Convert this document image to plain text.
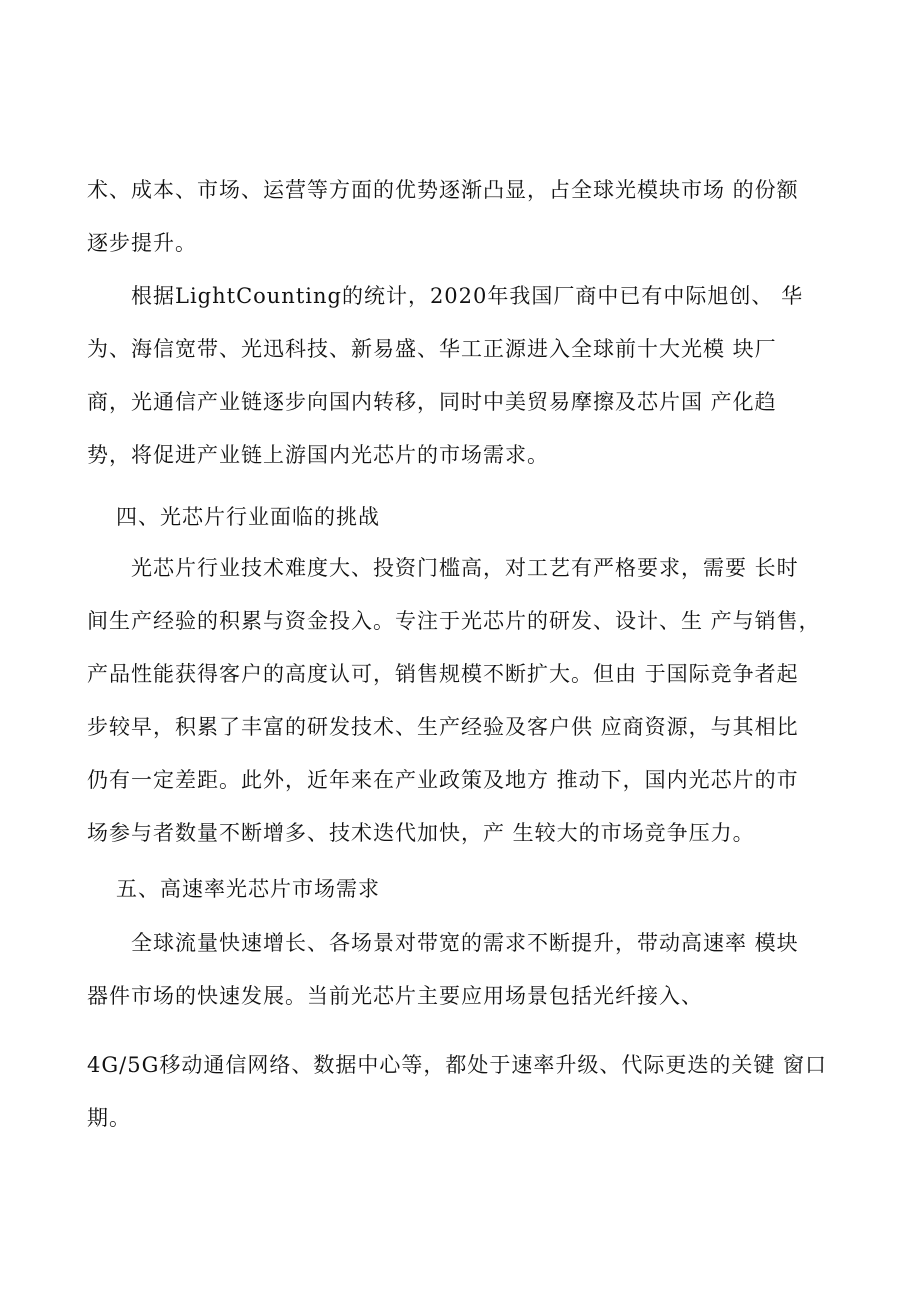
术、成本、市场、运营等方面的优势逐渐凸显，占全球光模块市场 的份额
逐步提升。
根据LightCounting的统计，2020年我国厂商中已有中际旭创、 华
为、海信宽带、光迅科技、新易盛、华工正源进入全球前十大光模 块厂
商，光通信产业链逐步向国内转移，同时中美贸易摩擦及芯片国 产化趋
势，将促进产业链上游国内光芯片的市场需求。
四、光芯片行业面临的挑战
光芯片行业技术难度大、投资门槛高，对工艺有严格要求，需要 长时
间生产经验的积累与资金投入。专注于光芯片的研发、设计、生 产与销售，
产品性能获得客户的高度认可，销售规模不断扩大。但由 于国际竞争者起
步较早，积累了丰富的研发技术、生产经验及客户供 应商资源，与其相比
仍有一定差距。此外，近年来在产业政策及地方 推动下，国内光芯片的市
场参与者数量不断增多、技术迭代加快，产 生较大的市场竞争压力。
五、高速率光芯片市场需求
全球流量快速增长、各场景对带宽的需求不断提升，带动高速率 模块
器件市场的快速发展。当前光芯片主要应用场景包括光纤接入、
4G/5G移动通信网络、数据中心等，都处于速率升级、代际更迭的关键 窗口
期。
